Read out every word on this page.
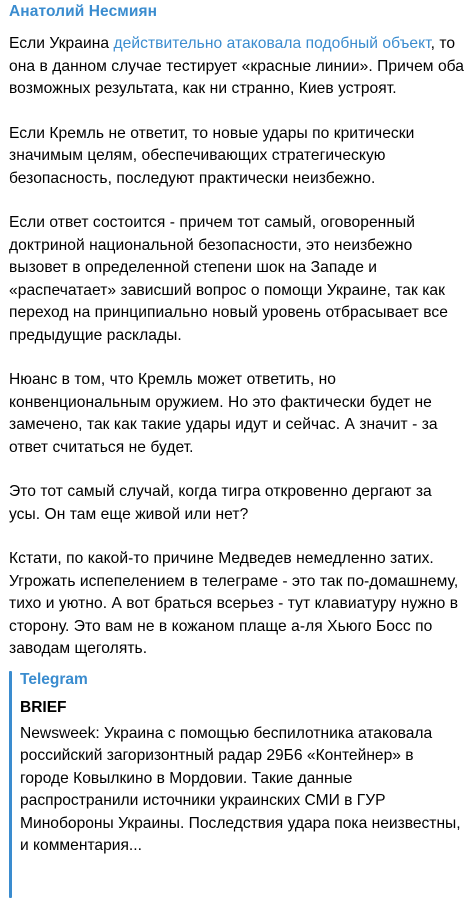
Анатолий Несмиян

Если Украина действительно атаковала подобный объект, то она в данном случае тестирует «красные линии». Причем оба возможных результата, как ни странно, Киев устроят.

Если Кремль не ответит, то новые удары по критически значимым целям, обеспечивающих стратегическую безопасность, последуют практически неизбежно.

Если ответ состоится - причем тот самый, оговоренный доктриной национальной безопасности, это неизбежно вызовет в определенной степени шок на Западе и «распечатает» зависший вопрос о помощи Украине, так как переход на принципиально новый уровень отбрасывает все предыдущие расклады.

Нюанс в том, что Кремль может ответить, но конвенциональным оружием. Но это фактически будет не замечено, так как такие удары идут и сейчас. А значит - за ответ считаться не будет.

Это тот самый случай, когда тигра откровенно дергают за усы. Он там еще живой или нет?

Кстати, по какой-то причине Медведев немедленно затих. Угрожать испепелением в телеграме - это так по-домашнему, тихо и уютно. А вот браться всерьез - тут клавиатуру нужно в сторону. Это вам не в кожаном плаще а-ля Хьюго Босс по заводам щеголять.

Telegram
BRIEF
Newsweek: Украина с помощью беспилотника атаковала российский загоризонтный радар 29Б6 «Контейнер» в городе Ковылкино в Мордовии. Такие данные распространили источники украинских СМИ в ГУР Минобороны Украины. Последствия удара пока неизвестны, и комментария...
